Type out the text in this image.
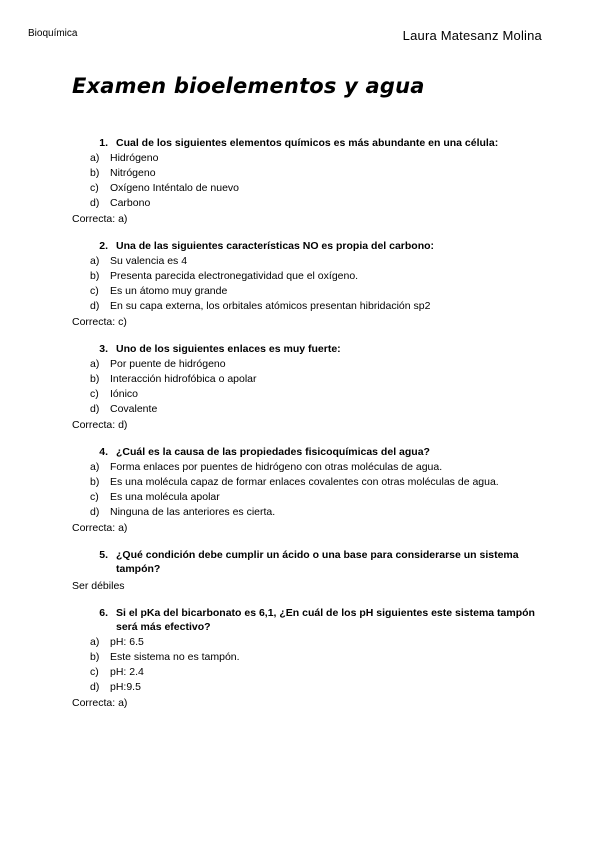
Bioquímica	Laura Matesanz Molina
Examen bioelementos y agua
1. Cual de los siguientes elementos químicos es más abundante en una célula:
a)	Hidrógeno
b)	Nitrógeno
c)	Oxígeno Inténtalo de nuevo
d)	Carbono
Correcta: a)
2. Una de las siguientes características NO es propia del carbono:
a)	Su valencia es 4
b)	Presenta parecida electronegatividad que el oxígeno.
c)	Es un átomo muy grande
d)	En su capa externa, los orbitales atómicos presentan hibridación sp2
Correcta: c)
3. Uno de los siguientes enlaces es muy fuerte:
a)	Por puente de hidrógeno
b)	Interacción hidrofóbica o apolar
c)	Iónico
d)	Covalente
Correcta: d)
4. ¿Cuál es la causa de las propiedades fisicoquímicas del agua?
a)	Forma enlaces por puentes de hidrógeno con otras moléculas de agua.
b)	Es una molécula capaz de formar enlaces covalentes con otras moléculas de agua.
c)	Es una molécula apolar
d)	Ninguna de las anteriores es cierta.
Correcta: a)
5. ¿Qué condición debe cumplir un ácido o una base para considerarse un sistema tampón?
Ser débiles
6. Si el pKa del bicarbonato es 6,1, ¿En cuál de los pH siguientes este sistema tampón será más efectivo?
a)	pH: 6.5
b)	Este sistema no es tampón.
c)	pH: 2.4
d)	pH:9.5
Correcta: a)
